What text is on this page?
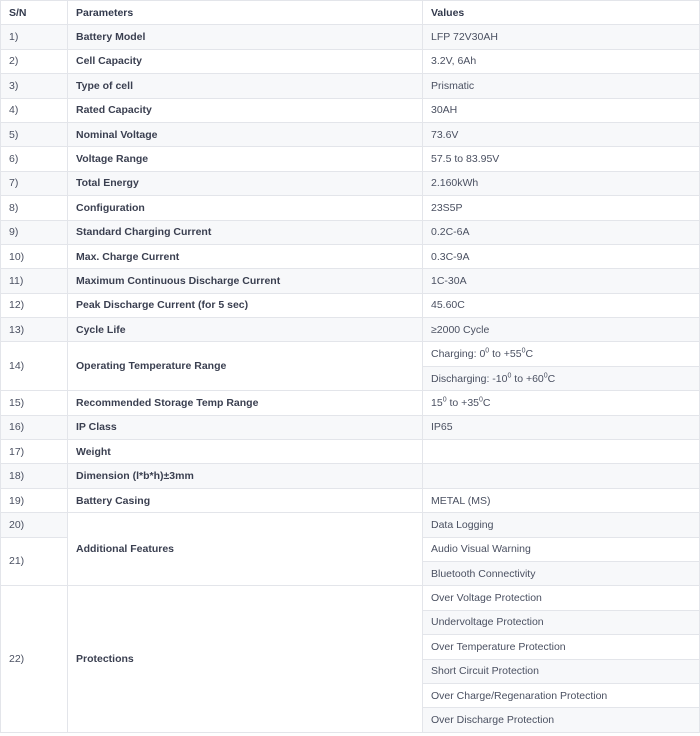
S/N	Parameters	Values
1)	Battery Model	LFP 72V30AH
2)	Cell Capacity	3.2V, 6Ah
3)	Type of cell	Prismatic
4)	Rated Capacity	30AH
5)	Nominal Voltage	73.6V
6)	Voltage Range	57.5 to 83.95V
7)	Total Energy	2.160kWh
8)	Configuration	23S5P
9)	Standard Charging Current	0.2C-6A
10)	Max. Charge Current	0.3C-9A
11)	Maximum Continuous Discharge Current	1C-30A
12)	Peak Discharge Current (for 5 sec)	45.60C
13)	Cycle Life	≥2000 Cycle
14)	Operating Temperature Range	Charging: $0^0$ to $+55^0C$
		Discharging: $-10^0$ to $+60^0C$
15)	Recommended Storage Temp Range	$15^0$ to $+35^0C$
16)	IP Class	IP65
17)	Weight	
18)	Dimension (l*b*h)±3mm	
19)	Battery Casing	METAL (MS)
20)	Additional Features	Data Logging
21)		Audio Visual Warning
		Bluetooth Connectivity
22)	Protections	Over Voltage Protection
		Undervoltage Protection
		Over Temperature Protection
		Short Circuit Protection
		Over Charge/Regenaration Protection
		Over Discharge Protection
